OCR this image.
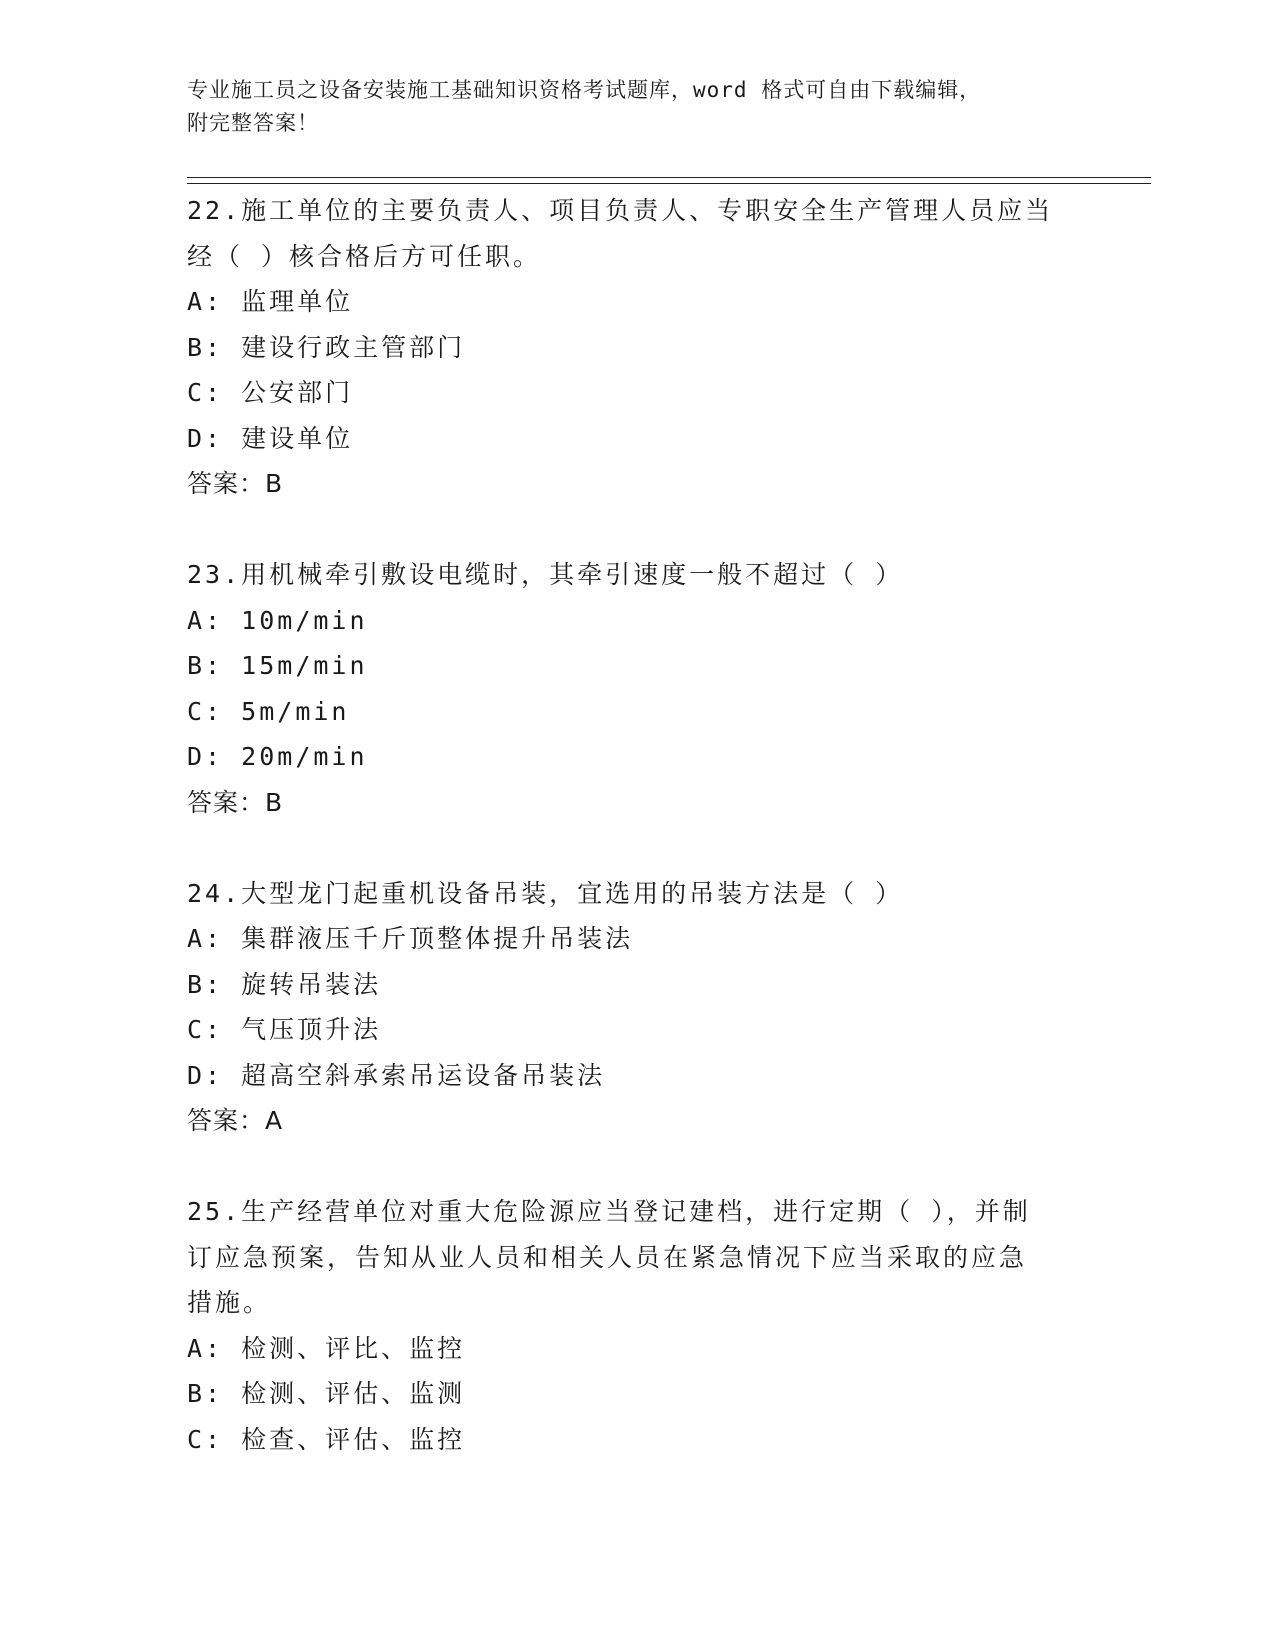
专业施工员之设备安装施工基础知识资格考试题库，word 格式可自由下载编辑，
附完整答案！

22.施工单位的主要负责人、项目负责人、专职安全生产管理人员应当

经（ ）核合格后方可任职。

A: 监理单位

B: 建设行政主管部门

C: 公安部门

D: 建设单位

答案：B

23.用机械牵引敷设电缆时，其牵引速度一般不超过（ ）

A: 10m/min

B: 15m/min

C: 5m/min

D: 20m/min

答案：B

24.大型龙门起重机设备吊装，宜选用的吊装方法是（ ）

A: 集群液压千斤顶整体提升吊装法

B: 旋转吊装法

C: 气压顶升法

D: 超高空斜承索吊运设备吊装法

答案：A

25.生产经营单位对重大危险源应当登记建档，进行定期（ ），并制

订应急预案，告知从业人员和相关人员在紧急情况下应当采取的应急

措施。

A: 检测、评比、监控

B: 检测、评估、监测

C: 检查、评估、监控
